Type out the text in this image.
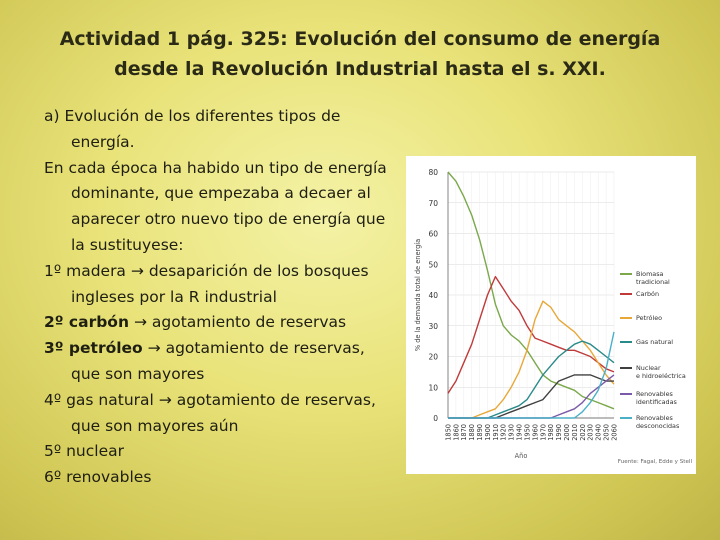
Actividad 1 pág. 325: Evolución del consumo de energía
desde la Revolución Industrial hasta el s. XXI.

a) Evolución de los diferentes tipos de

energía.

En cada época ha habido un tipo de energía

dominante, que empezaba a decaer al

aparecer otro nuevo tipo de energía que

la sustituyese:

1º madera → desaparición de los bosques

ingleses por la R industrial

2º carbón → agotamiento de reservas

3º petróleo → agotamiento de reservas,

que son mayores

4º gas natural → agotamiento de reservas,

que son mayores aún

5º nuclear

6º renovables

0
10
20
30
40
50
60
70
80
1850 1860 1870 1880 1890 1900 1910 1920 1930 1940 1950 1960 1970 1980 1990 2000 2010 2020 2030 2040 2050 2060
% de la demanda total de energía
Año
Fuente: Fagal, Edde y Stell
Biomasa
tradicional
Carbón
Petróleo
Gas natural
Nuclear
e hidroeléctrica
Renovables
identificadas
Renovables
desconocidas
